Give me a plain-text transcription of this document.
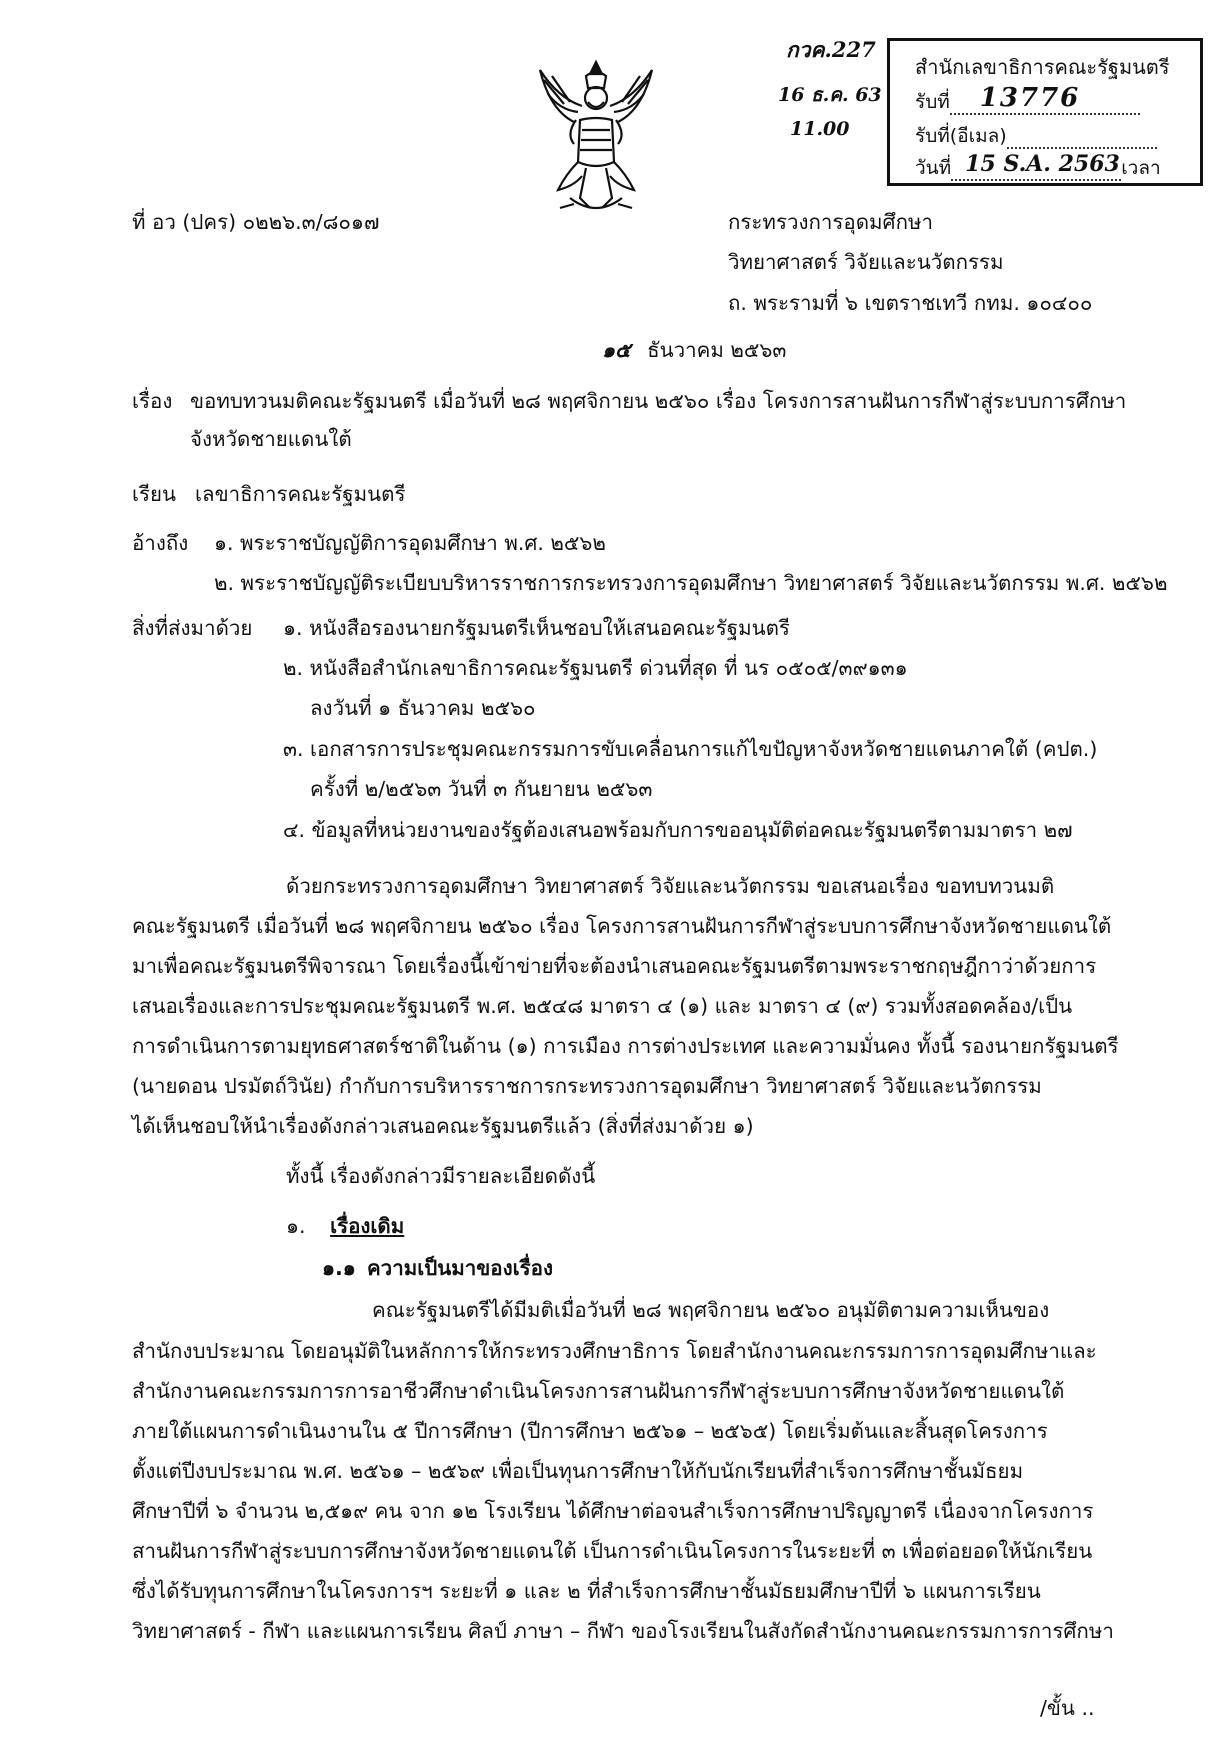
กวค.227
16 ธ.ค. 63
11.00
สำนักเลขาธิการคณะรัฐมนตรี
รับที่ 13776

รับที่(อีเมล)
วันที่ 15 S.A. 2563 เวลา
ที่ อว (ปคร) ๐๒๒๖.๓/๘๐๑๗	กระทรวงการอุดมศึกษา
วิทยาศาสตร์ วิจัยและนวัตกรรม
ถ. พระรามที่ ๖ เขตราชเทวี กทม. ๑๐๔๐๐
๑๕ ธันวาคม ๒๕๖๓
เรื่อง ขอทบทวนมติคณะรัฐมนตรี เมื่อวันที่ ๒๘ พฤศจิกายน ๒๕๖๐ เรื่อง โครงการสานฝันการกีฬาสู่ระบบการศึกษา
จังหวัดชายแดนใต้
เรียน เลขาธิการคณะรัฐมนตรี
อ้างถึง ๑. พระราชบัญญัติการอุดมศึกษา พ.ศ. ๒๕๖๒
๒. พระราชบัญญัติระเบียบบริหารราชการกระทรวงการอุดมศึกษา วิทยาศาสตร์ วิจัยและนวัตกรรม พ.ศ. ๒๕๖๒
สิ่งที่ส่งมาด้วย ๑. หนังสือรองนายกรัฐมนตรีเห็นชอบให้เสนอคณะรัฐมนตรี
๒. หนังสือสำนักเลขาธิการคณะรัฐมนตรี ด่วนที่สุด ที่ นร ๐๕๐๕/๓๙๑๓๑
ลงวันที่ ๑ ธันวาคม ๒๕๖๐
๓. เอกสารการประชุมคณะกรรมการขับเคลื่อนการแก้ไขปัญหาจังหวัดชายแดนภาคใต้ (คปต.)
ครั้งที่ ๒/๒๕๖๓ วันที่ ๓ กันยายน ๒๕๖๓
๔. ข้อมูลที่หน่วยงานของรัฐต้องเสนอพร้อมกับการขออนุมัติต่อคณะรัฐมนตรีตามมาตรา ๒๗
ด้วยกระทรวงการอุดมศึกษา วิทยาศาสตร์ วิจัยและนวัตกรรม ขอเสนอเรื่อง ขอทบทวนมติ
คณะรัฐมนตรี เมื่อวันที่ ๒๘ พฤศจิกายน ๒๕๖๐ เรื่อง โครงการสานฝันการกีฬาสู่ระบบการศึกษาจังหวัดชายแดนใต้
มาเพื่อคณะรัฐมนตรีพิจารณา โดยเรื่องนี้เข้าข่ายที่จะต้องนำเสนอคณะรัฐมนตรีตามพระราชกฤษฎีกาว่าด้วยการ
เสนอเรื่องและการประชุมคณะรัฐมนตรี พ.ศ. ๒๕๔๘ มาตรา ๔ (๑) และ มาตรา ๔ (๙) รวมทั้งสอดคล้อง/เป็น
การดำเนินการตามยุทธศาสตร์ชาติในด้าน (๑) การเมือง การต่างประเทศ และความมั่นคง ทั้งนี้ รองนายกรัฐมนตรี
(นายดอน ปรมัตถ์วินัย) กำกับการบริหารราชการกระทรวงการอุดมศึกษา วิทยาศาสตร์ วิจัยและนวัตกรรม
ได้เห็นชอบให้นำเรื่องดังกล่าวเสนอคณะรัฐมนตรีแล้ว (สิ่งที่ส่งมาด้วย ๑)
ทั้งนี้ เรื่องดังกล่าวมีรายละเอียดดังนี้
๑. เรื่องเดิม
๑.๑ ความเป็นมาของเรื่อง
คณะรัฐมนตรีได้มีมติเมื่อวันที่ ๒๘ พฤศจิกายน ๒๕๖๐ อนุมัติตามความเห็นของ
สำนักงบประมาณ โดยอนุมัติในหลักการให้กระทรวงศึกษาธิการ โดยสำนักงานคณะกรรมการการอุดมศึกษาและ
สำนักงานคณะกรรมการการอาชีวศึกษาดำเนินโครงการสานฝันการกีฬาสู่ระบบการศึกษาจังหวัดชายแดนใต้
ภายใต้แผนการดำเนินงานใน ๕ ปีการศึกษา (ปีการศึกษา ๒๕๖๑ – ๒๕๖๕) โดยเริ่มต้นและสิ้นสุดโครงการ
ตั้งแต่ปีงบประมาณ พ.ศ. ๒๕๖๑ – ๒๕๖๙ เพื่อเป็นทุนการศึกษาให้กับนักเรียนที่สำเร็จการศึกษาชั้นมัธยม
ศึกษาปีที่ ๖ จำนวน ๒,๕๑๙ คน จาก ๑๒ โรงเรียน ได้ศึกษาต่อจนสำเร็จการศึกษาปริญญาตรี เนื่องจากโครงการ
สานฝันการกีฬาสู่ระบบการศึกษาจังหวัดชายแดนใต้ เป็นการดำเนินโครงการในระยะที่ ๓ เพื่อต่อยอดให้นักเรียน
ซึ่งได้รับทุนการศึกษาในโครงการฯ ระยะที่ ๑ และ ๒ ที่สำเร็จการศึกษาชั้นมัธยมศึกษาปีที่ ๖ แผนการเรียน
วิทยาศาสตร์ - กีฬา และแผนการเรียน ศิลป์ ภาษา – กีฬา ของโรงเรียนในสังกัดสำนักงานคณะกรรมการการศึกษา
/ขั้น ..
